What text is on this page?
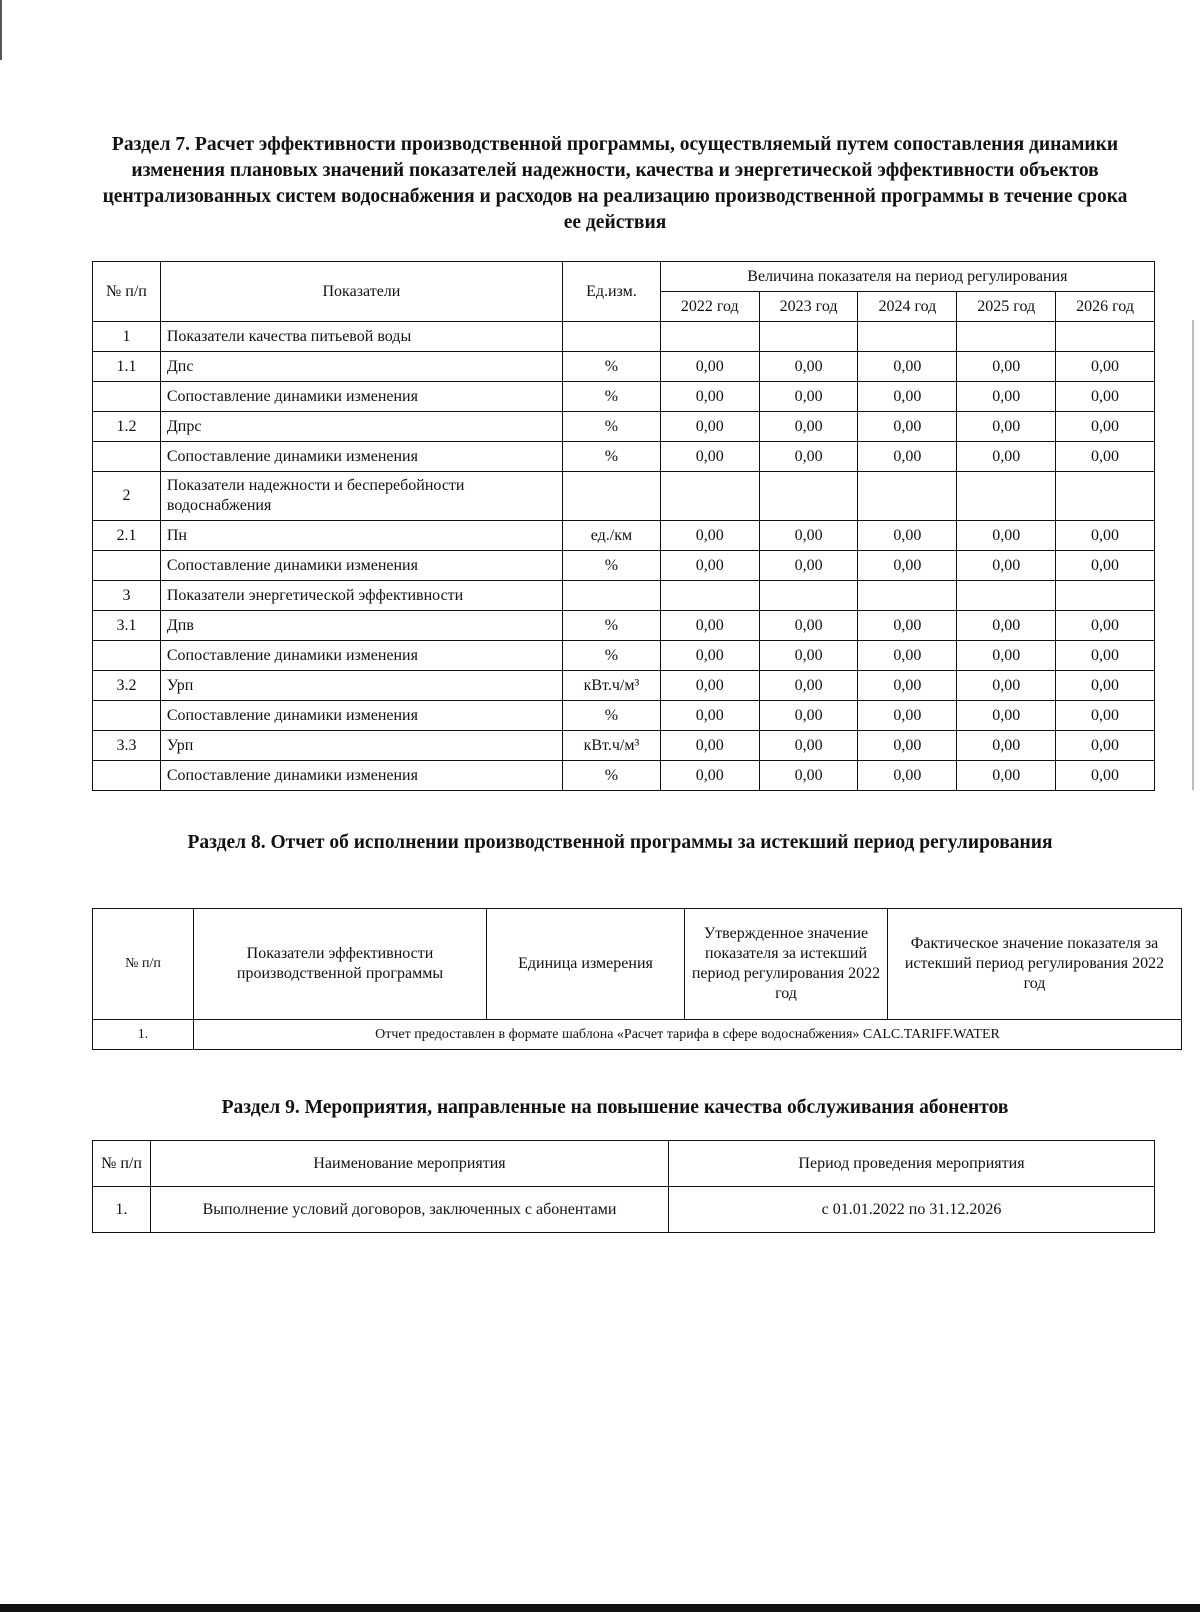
Раздел 7. Расчет эффективности производственной программы, осуществляемый путем сопоставления динамики изменения плановых значений показателей надежности, качества и энергетической эффективности объектов централизованных систем водоснабжения и расходов на реализацию производственной программы в течение срока ее действия
№ п/п	Показатели	Ед.изм.	Величина показателя на период регулирования				
			2022 год	2023 год	2024 год	2025 год	2026 год
1	Показатели качества питьевой воды						
1.1	Дпс	%	0,00	0,00	0,00	0,00	0,00
	Сопоставление динамики изменения	%	0,00	0,00	0,00	0,00	0,00
1.2	Дпрс	%	0,00	0,00	0,00	0,00	0,00
	Сопоставление динамики изменения	%	0,00	0,00	0,00	0,00	0,00
2	Показатели надежности и бесперебойности водоснабжения						
2.1	Пн	ед./км	0,00	0,00	0,00	0,00	0,00
	Сопоставление динамики изменения	%	0,00	0,00	0,00	0,00	0,00
3	Показатели энергетической эффективности						
3.1	Дпв	%	0,00	0,00	0,00	0,00	0,00
	Сопоставление динамики изменения	%	0,00	0,00	0,00	0,00	0,00
3.2	Урп	кВт.ч/м³	0,00	0,00	0,00	0,00	0,00
	Сопоставление динамики изменения	%	0,00	0,00	0,00	0,00	0,00
3.3	Урп	кВт.ч/м³	0,00	0,00	0,00	0,00	0,00
	Сопоставление динамики изменения	%	0,00	0,00	0,00	0,00	0,00
Раздел 8. Отчет об исполнении производственной программы за истекший период регулирования
№ п/п	Показатели эффективности производственной программы	Единица измерения	Утвержденное значение показателя за истекший период регулирования 2022 год	Фактическое значение показателя за истекший период регулирования 2022 год
1.	Отчет предоставлен в формате шаблона «Расчет тарифа в сфере водоснабжения» CALC.TARIFF.WATER			
Раздел 9. Мероприятия, направленные на повышение качества обслуживания абонентов
№ п/п	Наименование мероприятия	Период проведения мероприятия
1.	Выполнение условий договоров, заключенных с абонентами	с 01.01.2022 по 31.12.2026
